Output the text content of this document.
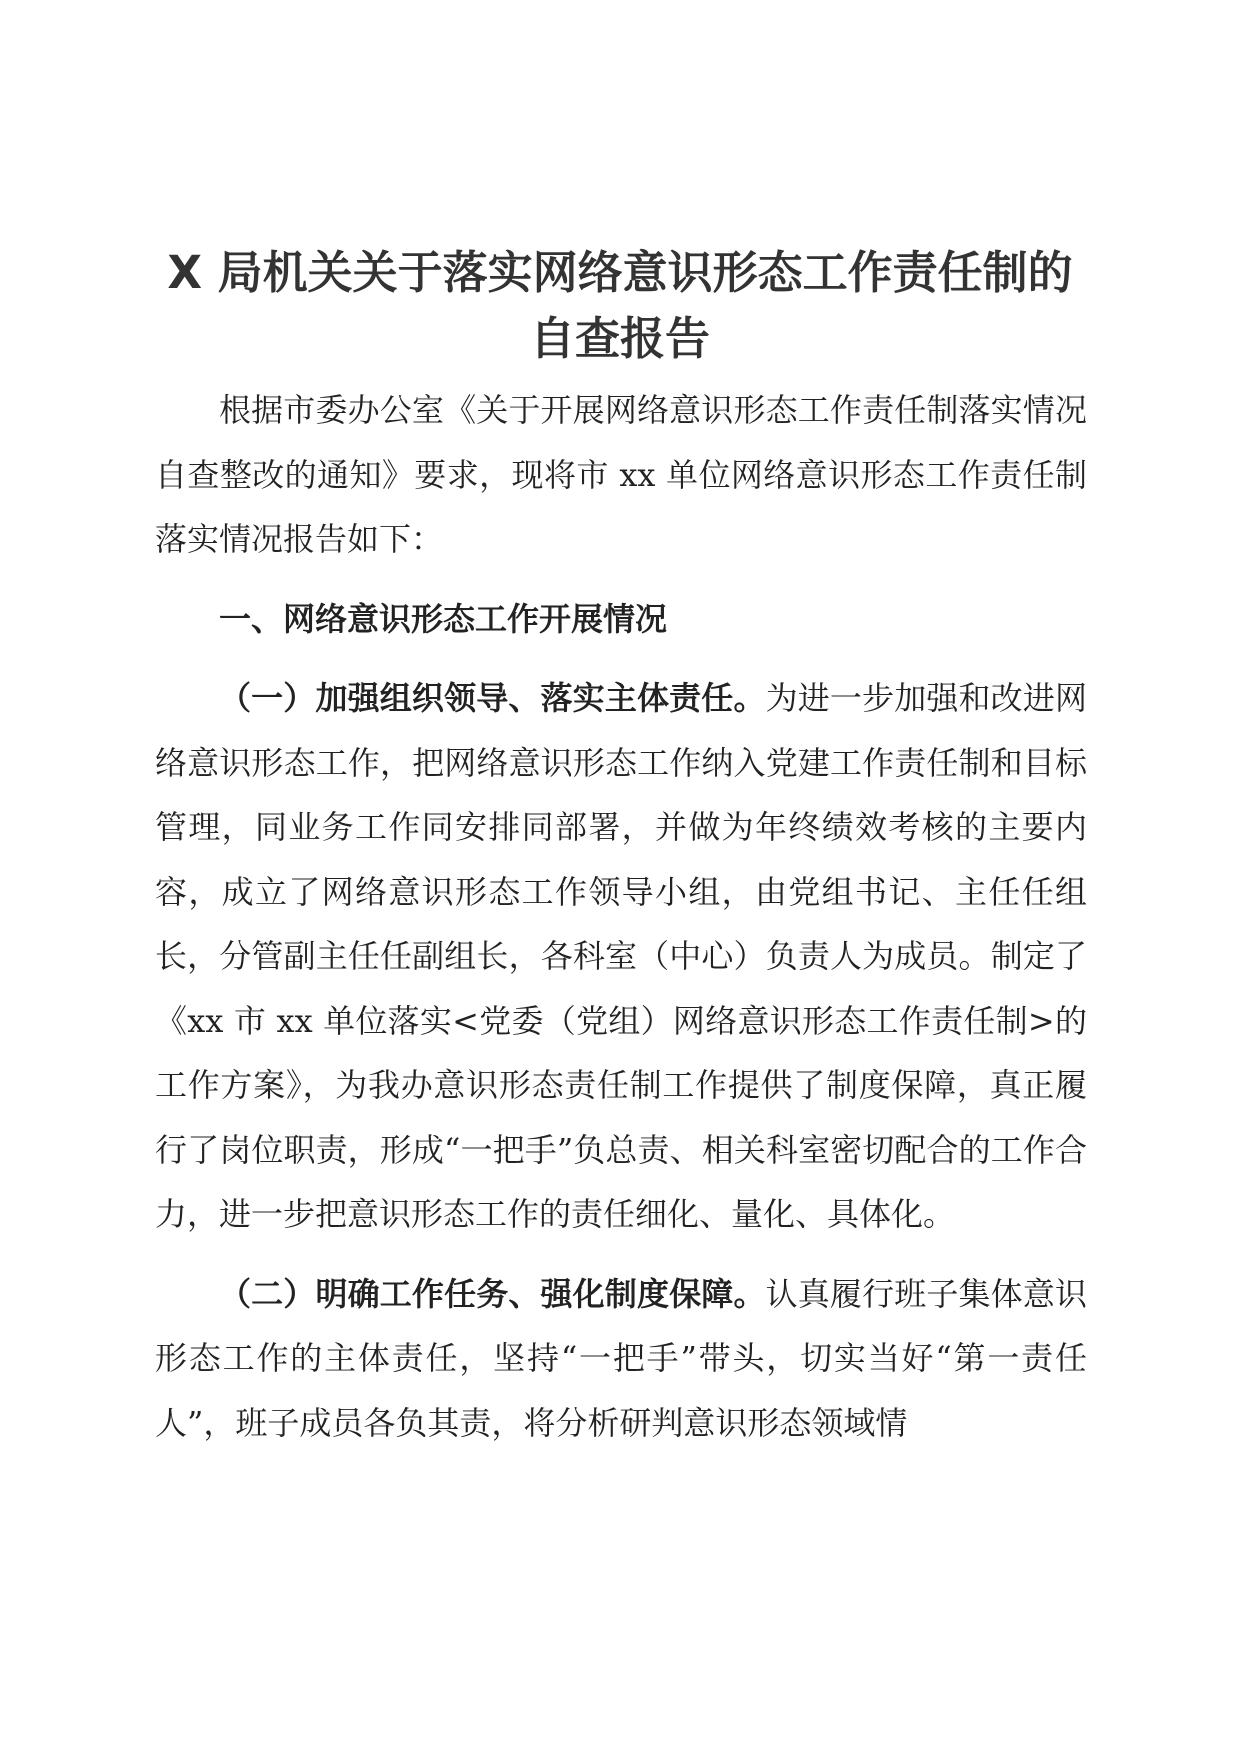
X 局机关关于落实网络意识形态工作责任制的
自查报告

根据市委办公室《关于开展网络意识形态工作责任制落实情况自查整改的通知》要求，现将市 xx 单位网络意识形态工作责任制落实情况报告如下：

一、网络意识形态工作开展情况

（一）加强组织领导、落实主体责任。为进一步加强和改进网络意识形态工作，把网络意识形态工作纳入党建工作责任制和目标管理，同业务工作同安排同部署，并做为年终绩效考核的主要内容，成立了网络意识形态工作领导小组，由党组书记、主任任组长，分管副主任任副组长，各科室（中心）负责人为成员。制定了《xx 市 xx 单位落实<党委（党组）网络意识形态工作责任制>的工作方案》，为我办意识形态责任制工作提供了制度保障，真正履行了岗位职责，形成“一把手”负总责、相关科室密切配合的工作合力，进一步把意识形态工作的责任细化、量化、具体化。

（二）明确工作任务、强化制度保障。认真履行班子集体意识形态工作的主体责任，坚持“一把手”带头，切实当好“第一责任人”，班子成员各负其责，将分析研判意识形态领域情
